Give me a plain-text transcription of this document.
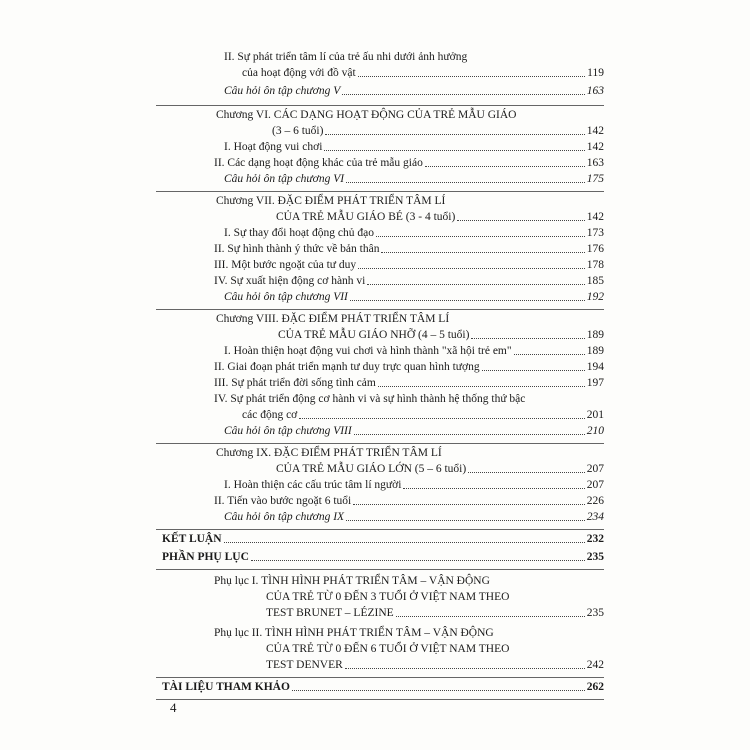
II. Sự phát triển tâm lí của trẻ ấu nhi dưới ảnh hưởng
của hoạt động với đồ vật	119
Câu hỏi ôn tập chương V	163
Chương VI. CÁC DẠNG HOẠT ĐỘNG CỦA TRẺ MẪU GIÁO
(3 – 6 tuổi)	142
I. Hoạt động vui chơi	142
II. Các dạng hoạt động khác của trẻ mẫu giáo	163
Câu hỏi ôn tập chương VI	175
Chương VII. ĐẶC ĐIỂM PHÁT TRIỂN TÂM LÍ
CỦA TRẺ MẪU GIÁO BÉ (3 - 4 tuổi)	142
I. Sự thay đổi hoạt động chủ đạo	173
II. Sự hình thành ý thức về bản thân	176
III. Một bước ngoặt của tư duy	178
IV. Sự xuất hiện động cơ hành vi	185
Câu hỏi ôn tập chương VII	192
Chương VIII. ĐẶC ĐIỂM PHÁT TRIỂN TÂM LÍ
CỦA TRẺ MẪU GIÁO NHỠ (4 – 5 tuổi)	189
I. Hoàn thiện hoạt động vui chơi và hình thành "xã hội trẻ em"	189
II. Giai đoạn phát triển mạnh tư duy trực quan hình tượng	194
III. Sự phát triển đời sống tình cảm	197
IV. Sự phát triển động cơ hành vi và sự hình thành hệ thống thứ bậc
các động cơ	201
Câu hỏi ôn tập chương VIII	210
Chương IX. ĐẶC ĐIỂM PHÁT TRIỂN TÂM LÍ
CỦA TRẺ MẪU GIÁO LỚN (5 – 6 tuổi)	207
I. Hoàn thiện các cấu trúc tâm lí người	207
II. Tiến vào bước ngoặt 6 tuổi	226
Câu hỏi ôn tập chương IX	234
KẾT LUẬN	232
PHẦN PHỤ LỤC	235
Phụ lục I. TÌNH HÌNH PHÁT TRIỂN TÂM – VẬN ĐỘNG
CỦA TRẺ TỪ 0 ĐẾN 3 TUỔI Ở VIỆT NAM THEO
TEST BRUNET – LÉZINE	235
Phụ lục II. TÌNH HÌNH PHÁT TRIỂN TÂM – VẬN ĐỘNG
CỦA TRẺ TỪ 0 ĐẾN 6 TUỔI Ở VIỆT NAM THEO
TEST DENVER	242
TÀI LIỆU THAM KHẢO	262
4
